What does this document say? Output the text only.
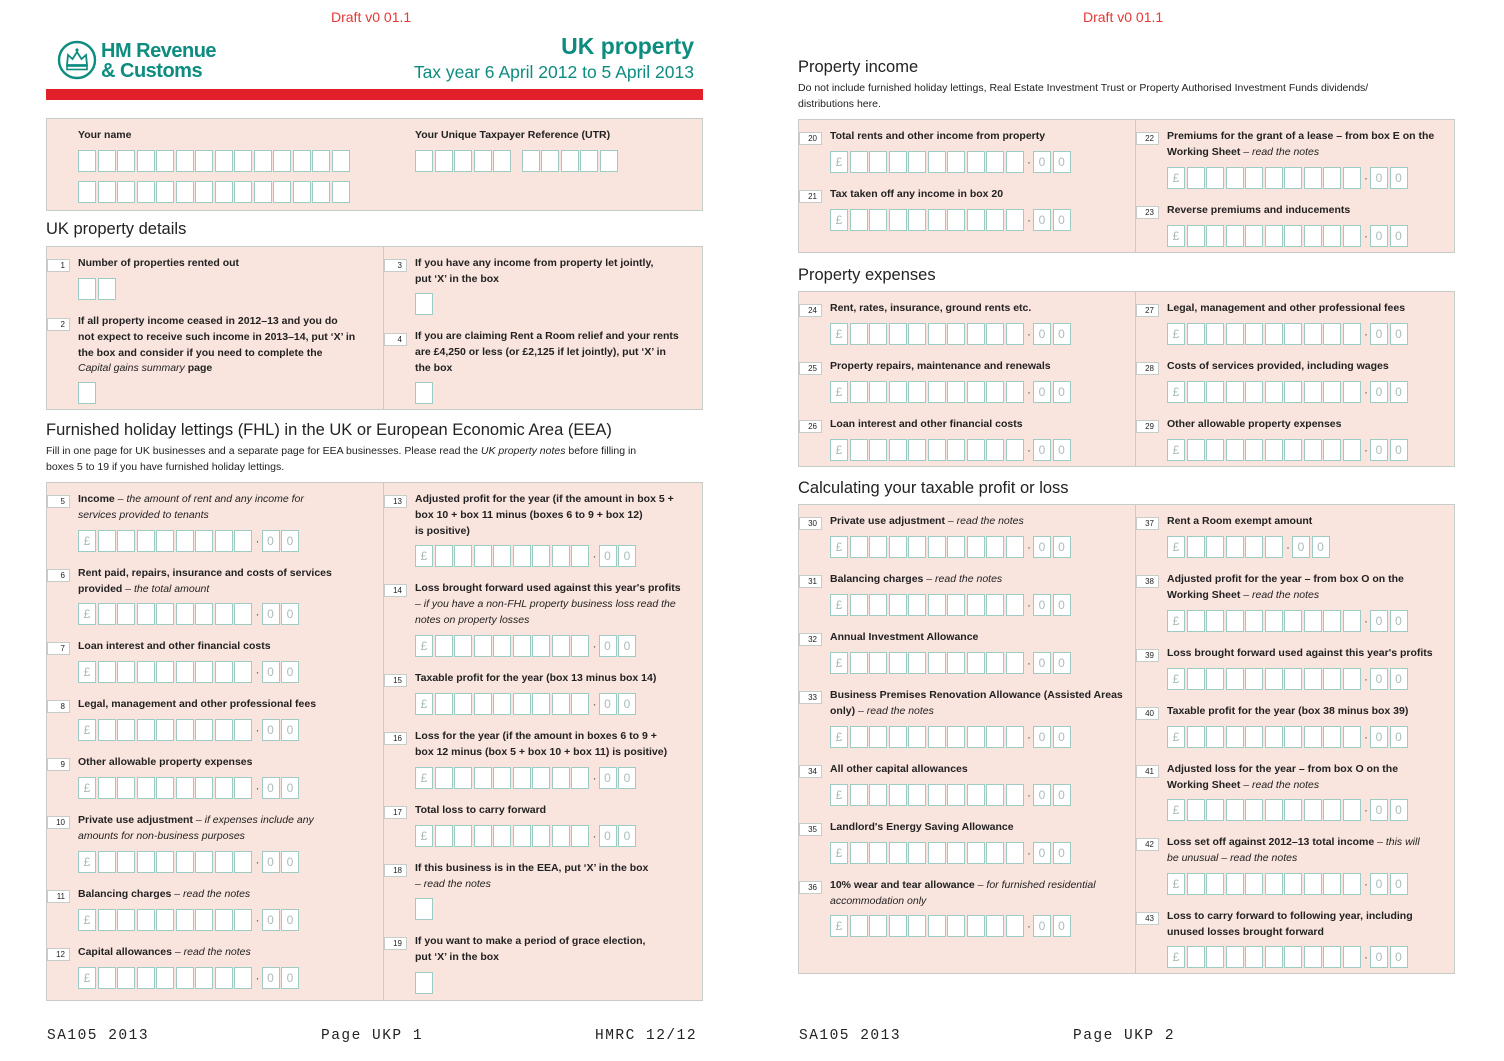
Draft v0 01.1
HM Revenue
& Customs
UK property
Tax year 6 April 2012 to 5 April 2013
Your name	Your Unique Taxpayer Reference (UTR)
UK property details
1	Number of properties rented out
2	If all property income ceased in 2012–13 and you do
not expect to receive such income in 2013–14, put ‘X’ in
the box and consider if you need to complete the
Capital gains summary page
3	If you have any income from property let jointly,
put ‘X’ in the box
4	If you are claiming Rent a Room relief and your rents
are £4,250 or less (or £2,125 if let jointly), put ‘X’ in
the box
Furnished holiday lettings (FHL) in the UK or European Economic Area (EEA)
Fill in one page for UK businesses and a separate page for EEA businesses. Please read the UK property notes before filling in
boxes 5 to 19 if you have furnished holiday lettings.
5	Income – the amount of rent and any income for
services provided to tenants
£	· 0	0
6	Rent paid, repairs, insurance and costs of services
provided – the total amount
£	· 0	0
7	Loan interest and other financial costs
£	· 0	0
8	Legal, management and other professional fees
£	· 0	0
9	Other allowable property expenses
£	· 0	0
10	Private use adjustment – if expenses include any
amounts for non-business purposes
£	· 0	0
11	Balancing charges – read the notes
£	· 0	0
12	Capital allowances – read the notes
£	· 0	0
13	Adjusted profit for the year (if the amount in box 5 +
box 10 + box 11 minus (boxes 6 to 9 + box 12)
is positive)
£	· 0	0
14	Loss brought forward used against this year's profits
– if you have a non-FHL property business loss read the
notes on property losses
£	· 0	0
15	Taxable profit for the year (box 13 minus box 14)
£	· 0	0
16	Loss for the year (if the amount in boxes 6 to 9 +
box 12 minus (box 5 + box 10 + box 11) is positive)
£	· 0	0
17	Total loss to carry forward
£	· 0	0
18	If this business is in the EEA, put ‘X’ in the box
– read the notes
19	If you want to make a period of grace election,
put ‘X’ in the box
SA105 2013	Page UKP 1	HMRC 12/12
Draft v0 01.1
Property income
Do not include furnished holiday lettings, Real Estate Investment Trust or Property Authorised Investment Funds dividends/
distributions here.
20	Total rents and other income from property
£	· 0	0
21	Tax taken off any income in box 20
£	· 0	0
22	Premiums for the grant of a lease – from box E on the
Working Sheet – read the notes
£	· 0	0
23	Reverse premiums and inducements
£	· 0	0
Property expenses
24	Rent, rates, insurance, ground rents etc.
£	· 0	0
25	Property repairs, maintenance and renewals
£	· 0	0
26	Loan interest and other financial costs
£	· 0	0
27	Legal, management and other professional fees
£	· 0	0
28	Costs of services provided, including wages
£	· 0	0
29	Other allowable property expenses
£	· 0	0
Calculating your taxable profit or loss
30	Private use adjustment – read the notes
£	· 0	0
31	Balancing charges – read the notes
£	· 0	0
32	Annual Investment Allowance
£	· 0	0
33	Business Premises Renovation Allowance (Assisted Areas
only) – read the notes
£	· 0	0
34	All other capital allowances
£	· 0	0
35	Landlord's Energy Saving Allowance
£	· 0	0
36	10% wear and tear allowance – for furnished residential
accommodation only
£	· 0	0
37	Rent a Room exempt amount
£	· 0	0
38	Adjusted profit for the year – from box O on the
Working Sheet – read the notes
£	· 0	0
39	Loss brought forward used against this year's profits
£	· 0	0
40	Taxable profit for the year (box 38 minus box 39)
£	· 0	0
41	Adjusted loss for the year – from box O on the
Working Sheet – read the notes
£	· 0	0
42	Loss set off against 2012–13 total income – this will
be unusual – read the notes
£	· 0	0
43	Loss to carry forward to following year, including
unused losses brought forward
£	· 0	0
SA105 2013	Page UKP 2
